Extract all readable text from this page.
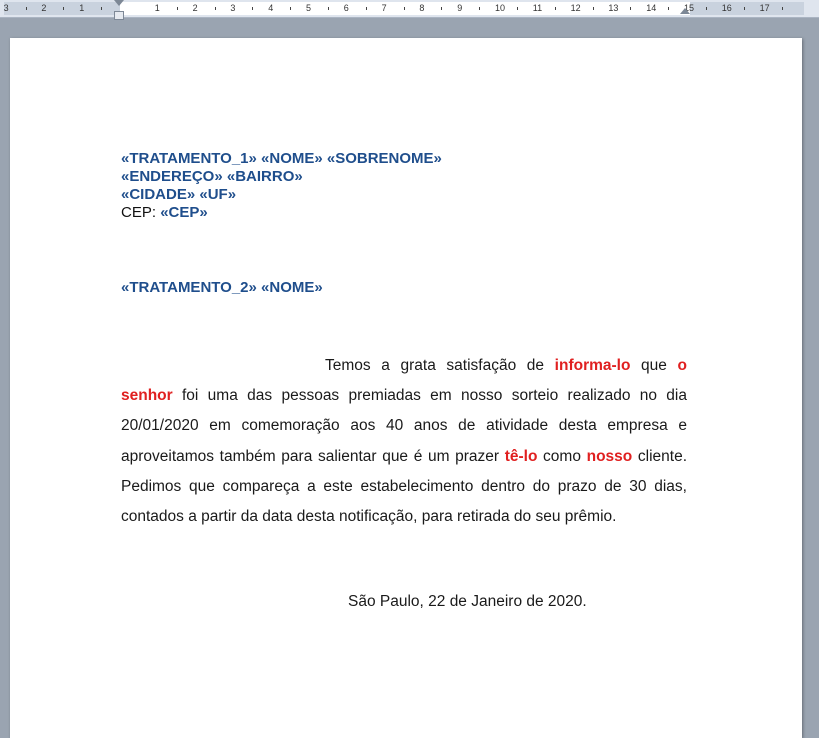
3	2	1	1	2	3	4	5	6	7	8	9	10	11	12	13	14	15	16	17
«TRATAMENTO_1» «NOME» «SOBRENOME»
«ENDEREÇO» «BAIRRO»
«CIDADE» «UF»
CEP: «CEP»
«TRATAMENTO_2» «NOME»
Temos a grata satisfação de informa-lo que o senhor foi uma das pessoas premiadas em nosso sorteio realizado no dia 20/01/2020 em comemoração aos 40 anos de atividade desta empresa e aproveitamos também para salientar que é um prazer tê-lo como nosso cliente. Pedimos que compareça a este estabelecimento dentro do prazo de 30 dias, contados a partir da data desta notificação, para retirada do seu prêmio.
São Paulo, 22 de Janeiro de 2020.
